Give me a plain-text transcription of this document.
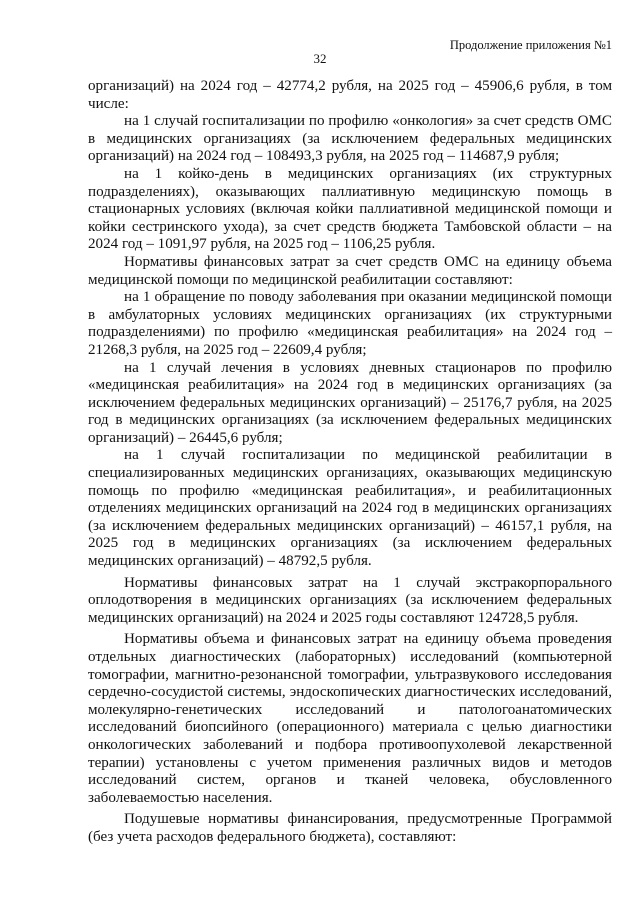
Продолжение приложения №1
32

организаций) на 2024 год – 42774,2 рубля, на 2025 год – 45906,6 рубля, в том числе:

на 1 случай госпитализации по профилю «онкология» за счет средств ОМС в медицинских организациях (за исключением федеральных медицинских организаций) на 2024 год – 108493,3 рубля, на 2025 год – 114687,9 рубля;

на 1 койко-день в медицинских организациях (их структурных подразделениях), оказывающих паллиативную медицинскую помощь в стационарных условиях (включая койки паллиативной медицинской помощи и койки сестринского ухода), за счет средств бюджета Тамбовской области – на 2024 год – 1091,97 рубля, на 2025 год – 1106,25 рубля.

Нормативы финансовых затрат за счет средств ОМС на единицу объема медицинской помощи по медицинской реабилитации составляют:

на 1 обращение по поводу заболевания при оказании медицинской помощи в амбулаторных условиях медицинских организациях (их структурными подразделениями) по профилю «медицинская реабилитация» на 2024 год – 21268,3 рубля, на 2025 год – 22609,4 рубля;

на 1 случай лечения в условиях дневных стационаров по профилю «медицинская реабилитация» на 2024 год в медицинских организациях (за исключением федеральных медицинских организаций) – 25176,7 рубля, на 2025 год в медицинских организациях (за исключением федеральных медицинских организаций) – 26445,6 рубля;

на 1 случай госпитализации по медицинской реабилитации в специализированных медицинских организациях, оказывающих медицинскую помощь по профилю «медицинская реабилитация», и реабилитационных отделениях медицинских организаций на 2024 год в медицинских организациях (за исключением федеральных медицинских организаций) – 46157,1 рубля, на 2025 год в медицинских организациях (за исключением федеральных медицинских организаций) – 48792,5 рубля.

Нормативы финансовых затрат на 1 случай экстракорпорального оплодотворения в медицинских организациях (за исключением федеральных медицинских организаций) на 2024 и 2025 годы составляют 124728,5 рубля.

Нормативы объема и финансовых затрат на единицу объема проведения отдельных диагностических (лабораторных) исследований (компьютерной томографии, магнитно-резонансной томографии, ультразвукового исследования сердечно-сосудистой системы, эндоскопических диагностических исследований, молекулярно-генетических исследований и патологоанатомических исследований биопсийного (операционного) материала с целью диагностики онкологических заболеваний и подбора противоопухолевой лекарственной терапии) установлены с учетом применения различных видов и методов исследований систем, органов и тканей человека, обусловленного заболеваемостью населения.

Подушевые нормативы финансирования, предусмотренные Программой (без учета расходов федерального бюджета), составляют:
